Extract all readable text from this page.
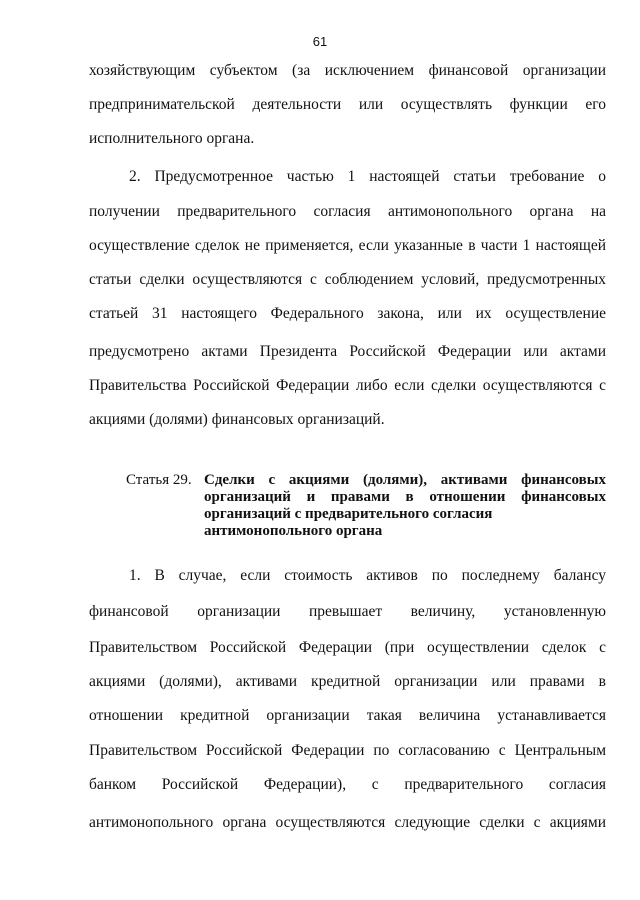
61
хозяйствующим субъектом (за исключением финансовой организации
предпринимательской деятельности или осуществлять функции его
исполнительного органа.
2. Предусмотренное частью 1 настоящей статьи требование о
получении предварительного согласия антимонопольного органа на
осуществление сделок не применяется, если указанные в части 1 настоящей
статьи сделки осуществляются с соблюдением условий, предусмотренных
статьей 31 настоящего Федерального закона, или их осуществление
предусмотрено актами Президента Российской Федерации или актами
Правительства Российской Федерации либо если сделки осуществляются с
акциями (долями) финансовых организаций.
Статья 29. Сделки с акциями (долями), активами финансовых
организаций и правами в отношении финансовых
организаций с предварительного согласия
антимонопольного органа
1. В случае, если стоимость активов по последнему балансу
финансовой организации превышает величину, установленную
Правительством Российской Федерации (при осуществлении сделок с
акциями (долями), активами кредитной организации или правами в
отношении кредитной организации такая величина устанавливается
Правительством Российской Федерации по согласованию с Центральным
банком Российской Федерации), с предварительного согласия
антимонопольного органа осуществляются следующие сделки с акциями
